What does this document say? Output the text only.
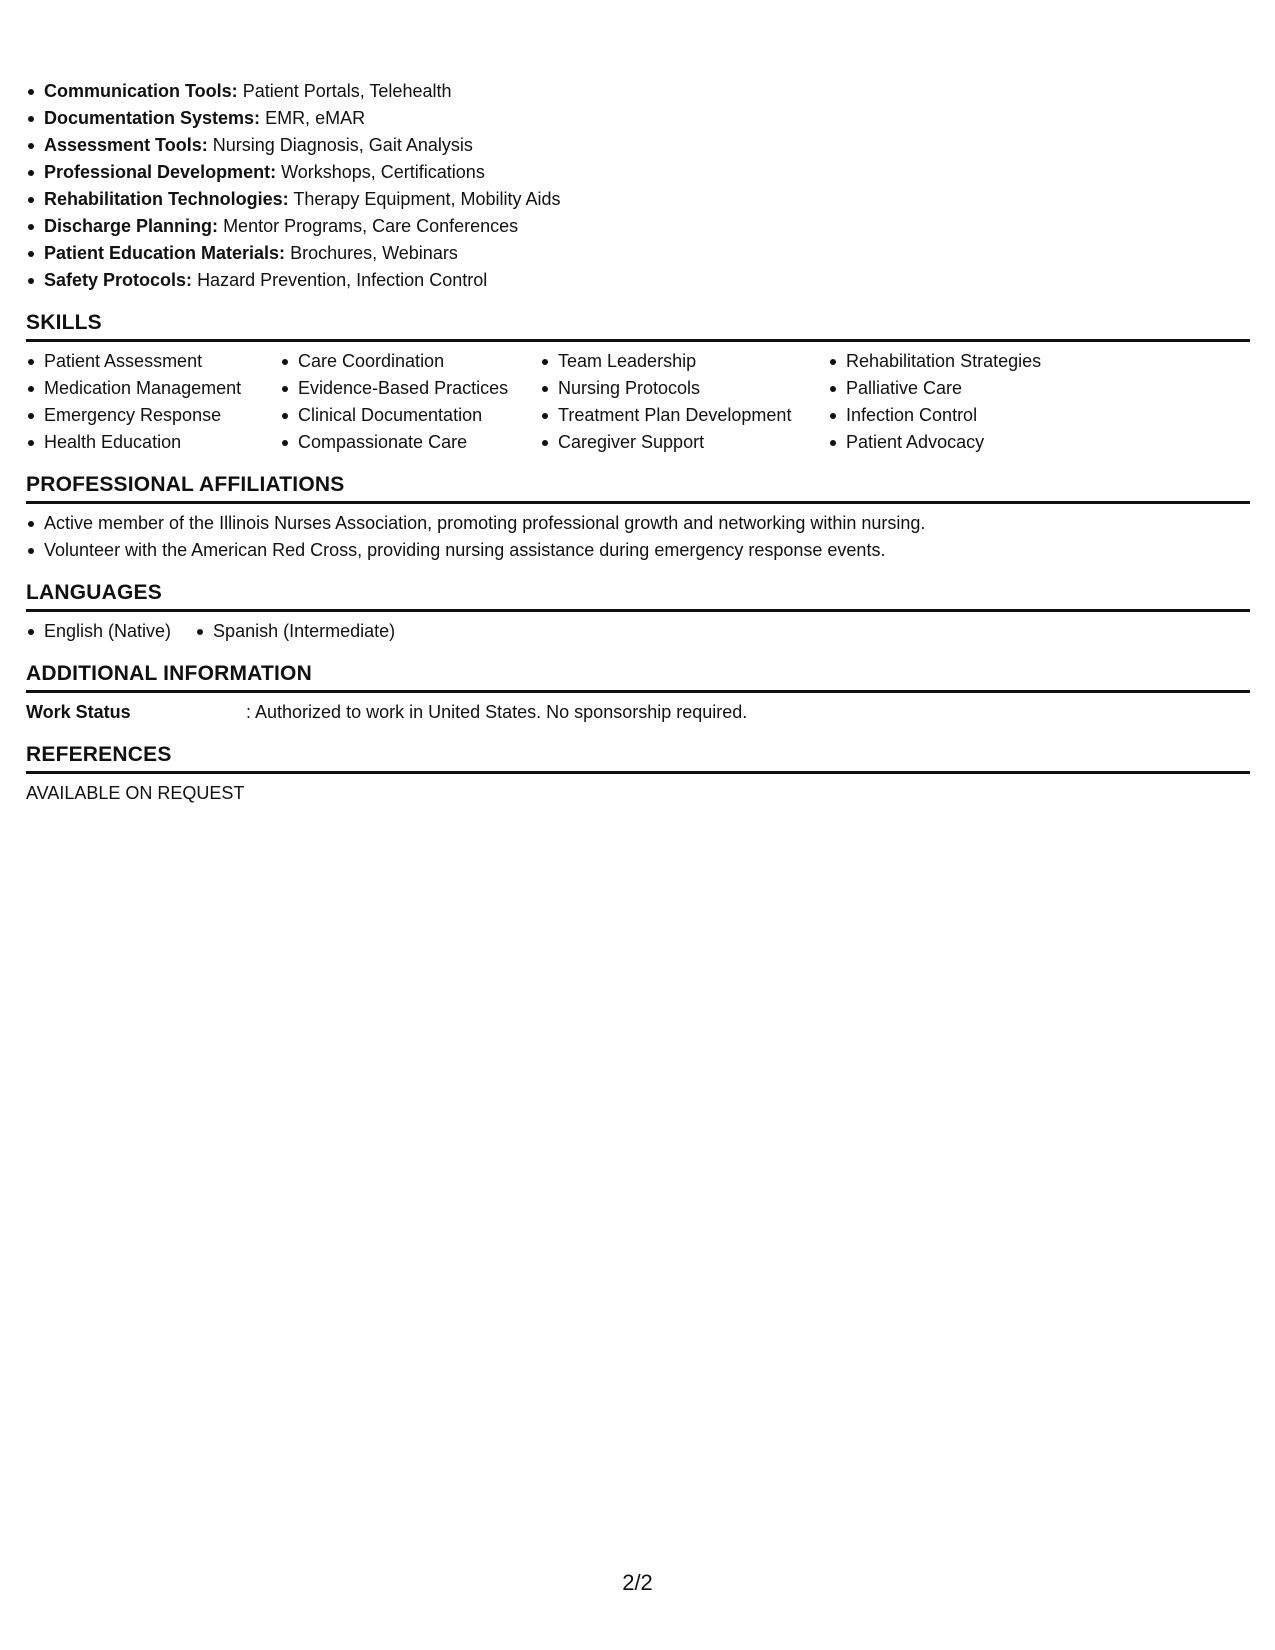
Communication Tools: Patient Portals, Telehealth
Documentation Systems: EMR, eMAR
Assessment Tools: Nursing Diagnosis, Gait Analysis
Professional Development: Workshops, Certifications
Rehabilitation Technologies: Therapy Equipment, Mobility Aids
Discharge Planning: Mentor Programs, Care Conferences
Patient Education Materials: Brochures, Webinars
Safety Protocols: Hazard Prevention, Infection Control
SKILLS
Patient Assessment
Medication Management
Emergency Response
Health Education
Care Coordination
Evidence-Based Practices
Clinical Documentation
Compassionate Care
Team Leadership
Nursing Protocols
Treatment Plan Development
Caregiver Support
Rehabilitation Strategies
Palliative Care
Infection Control
Patient Advocacy
PROFESSIONAL AFFILIATIONS
Active member of the Illinois Nurses Association, promoting professional growth and networking within nursing.
Volunteer with the American Red Cross, providing nursing assistance during emergency response events.
LANGUAGES
English (Native)	Spanish (Intermediate)
ADDITIONAL INFORMATION
Work Status	: Authorized to work in United States. No sponsorship required.
REFERENCES
AVAILABLE ON REQUEST
2/2
